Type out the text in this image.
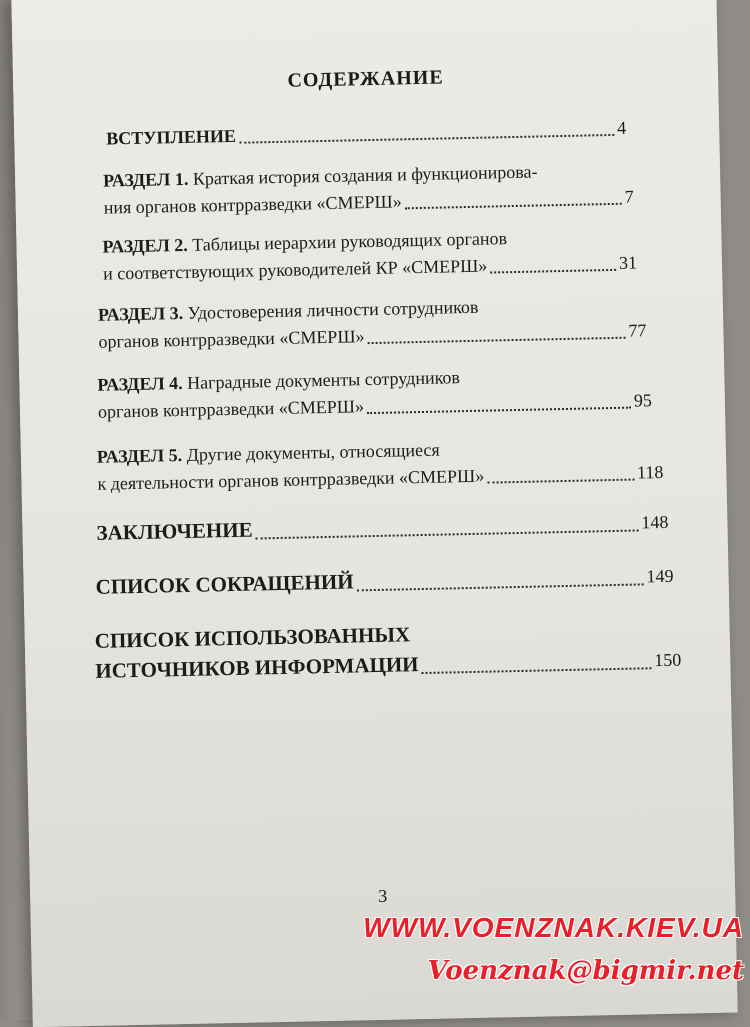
СОДЕРЖАНИЕ
ВСТУПЛЕНИЕ	4
РАЗДЕЛ 1.
Краткая история создания и функционирова-
ния органов контрразведки «СМЕРШ»	7
РАЗДЕЛ 2.
Таблицы иерархии руководящих органов
и соответствующих руководителей КР «СМЕРШ»	31
РАЗДЕЛ 3.
Удостоверения личности сотрудников
органов контрразведки «СМЕРШ»	77
РАЗДЕЛ 4.
Наградные документы сотрудников
органов контрразведки «СМЕРШ»	95
РАЗДЕЛ 5.
Другие документы, относящиеся
к деятельности органов контрразведки «СМЕРШ»	118
ЗАКЛЮЧЕНИЕ	148
СПИСОК СОКРАЩЕНИЙ	149
СПИСОК ИСПОЛЬЗОВАННЫХ
ИСТОЧНИКОВ ИНФОРМАЦИИ	150
3
WWW.VOENZNAK.KIEV.UA
Voenznak@bigmir.net
